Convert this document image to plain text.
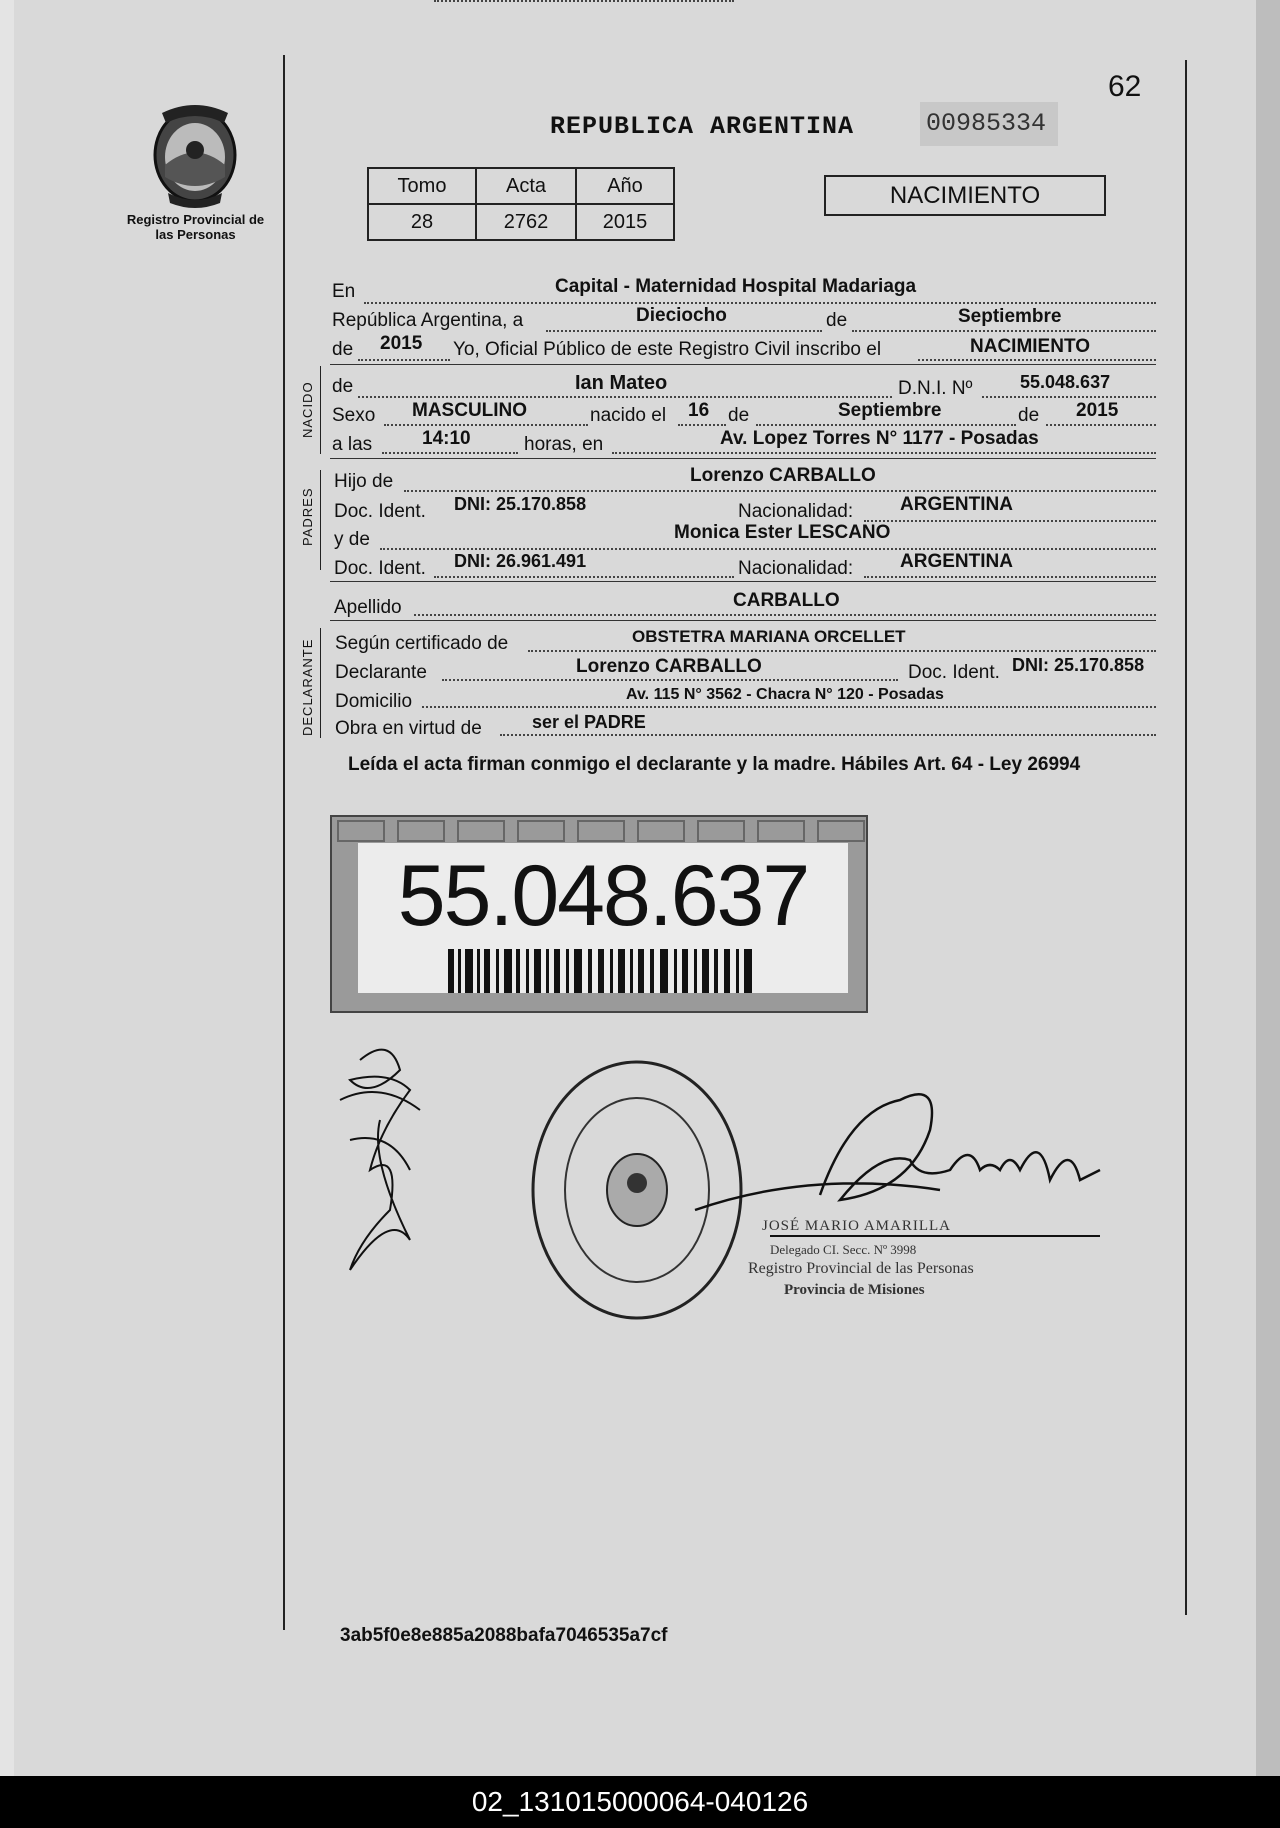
Registro Provincial de las Personas
62
REPUBLICA ARGENTINA	00985334
Tomo	Acta	Año
28	2762	2015
NACIMIENTO
En	Capital - Maternidad Hospital Madariaga
República Argentina, a	Dieciocho	de	Septiembre
de 2015 Yo, Oficial Público de este Registro Civil inscribo el	NACIMIENTO
NACIDO de	Ian Mateo	D.N.I. Nº	55.048.637
Sexo MASCULINO	nacido el 16 de	Septiembre	de 2015
a las	14:10	horas, en	Av. Lopez Torres N° 1177 - Posadas
PADRES
Hijo de	Lorenzo CARBALLO
Doc. Ident. DNI: 25.170.858	Nacionalidad: ARGENTINA
y de	Monica Ester LESCANO
Doc. Ident. DNI: 26.961.491	Nacionalidad: ARGENTINA
Apellido	CARBALLO
DECLARANTE Según certificado de	OBSTETRA MARIANA ORCELLET
Declarante	Lorenzo CARBALLO	Doc. Ident. DNI: 25.170.858
Domicilio	Av. 115 N° 3562 - Chacra N° 120 - Posadas
Obra en virtud de	ser el PADRE
Leída el acta firman conmigo el declarante y la madre. Hábiles Art. 64 - Ley 26994
55.048.637
JOSÉ MARIO AMARILLA
Delegado CI. Secc. Nº 3998
Registro Provincial de las Personas
Provincia de Misiones
3ab5f0e8e885a2088bafa7046535a7cf
02_131015000064-040126
